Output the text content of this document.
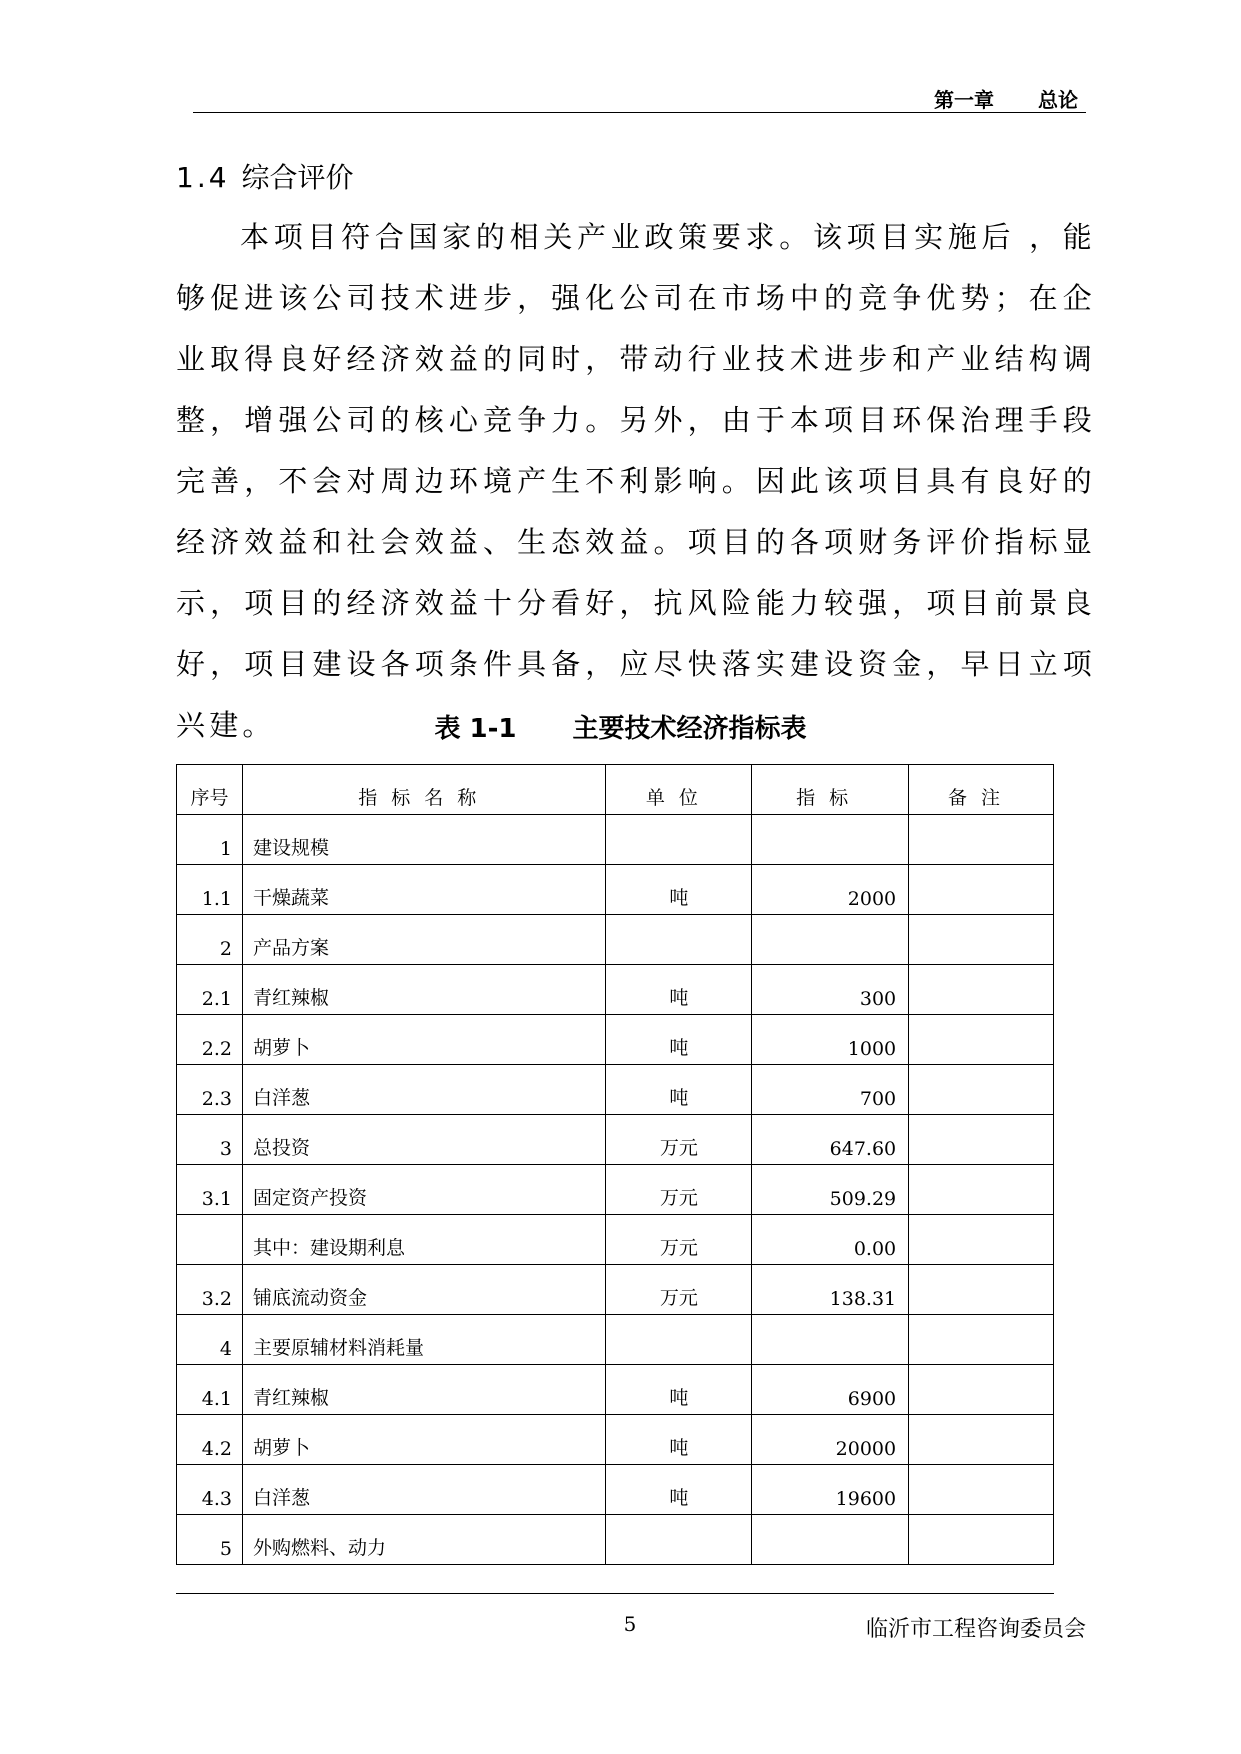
第一章 总论
1.4 综合评价

本项目符合国家的相关产业政策要求。该项目实施后 ，能够促进该公司技术进步，强化公司在市场中的竞争优势；在企业取得良好经济效益的同时，带动行业技术进步和产业结构调整，增强公司的核心竞争力。另外，由于本项目环保治理手段完善，不会对周边环境产生不利影响。因此该项目具有良好的经济效益和社会效益、生态效益。项目的各项财务评价指标显示，项目的经济效益十分看好，抗风险能力较强，项目前景良好，项目建设各项条件具备，应尽快落实建设资金，早日立项兴建。	表 1-1 主要技术经济指标表
序号	指标名称	单位	指标	备注
1	建设规模			
1.1	干燥蔬菜	吨	2000	
2	产品方案			
2.1	青红辣椒	吨	300	
2.2	胡萝卜	吨	1000	
2.3	白洋葱	吨	700	
3	总投资	万元	647.60	
3.1	固定资产投资	万元	509.29	
	其中：建设期利息	万元	0.00	
3.2	铺底流动资金	万元	138.31	
4	主要原辅材料消耗量			
4.1	青红辣椒	吨	6900	
4.2	胡萝卜	吨	20000	
4.3	白洋葱	吨	19600	
5	外购燃料、动力			
5	临沂市工程咨询委员会
